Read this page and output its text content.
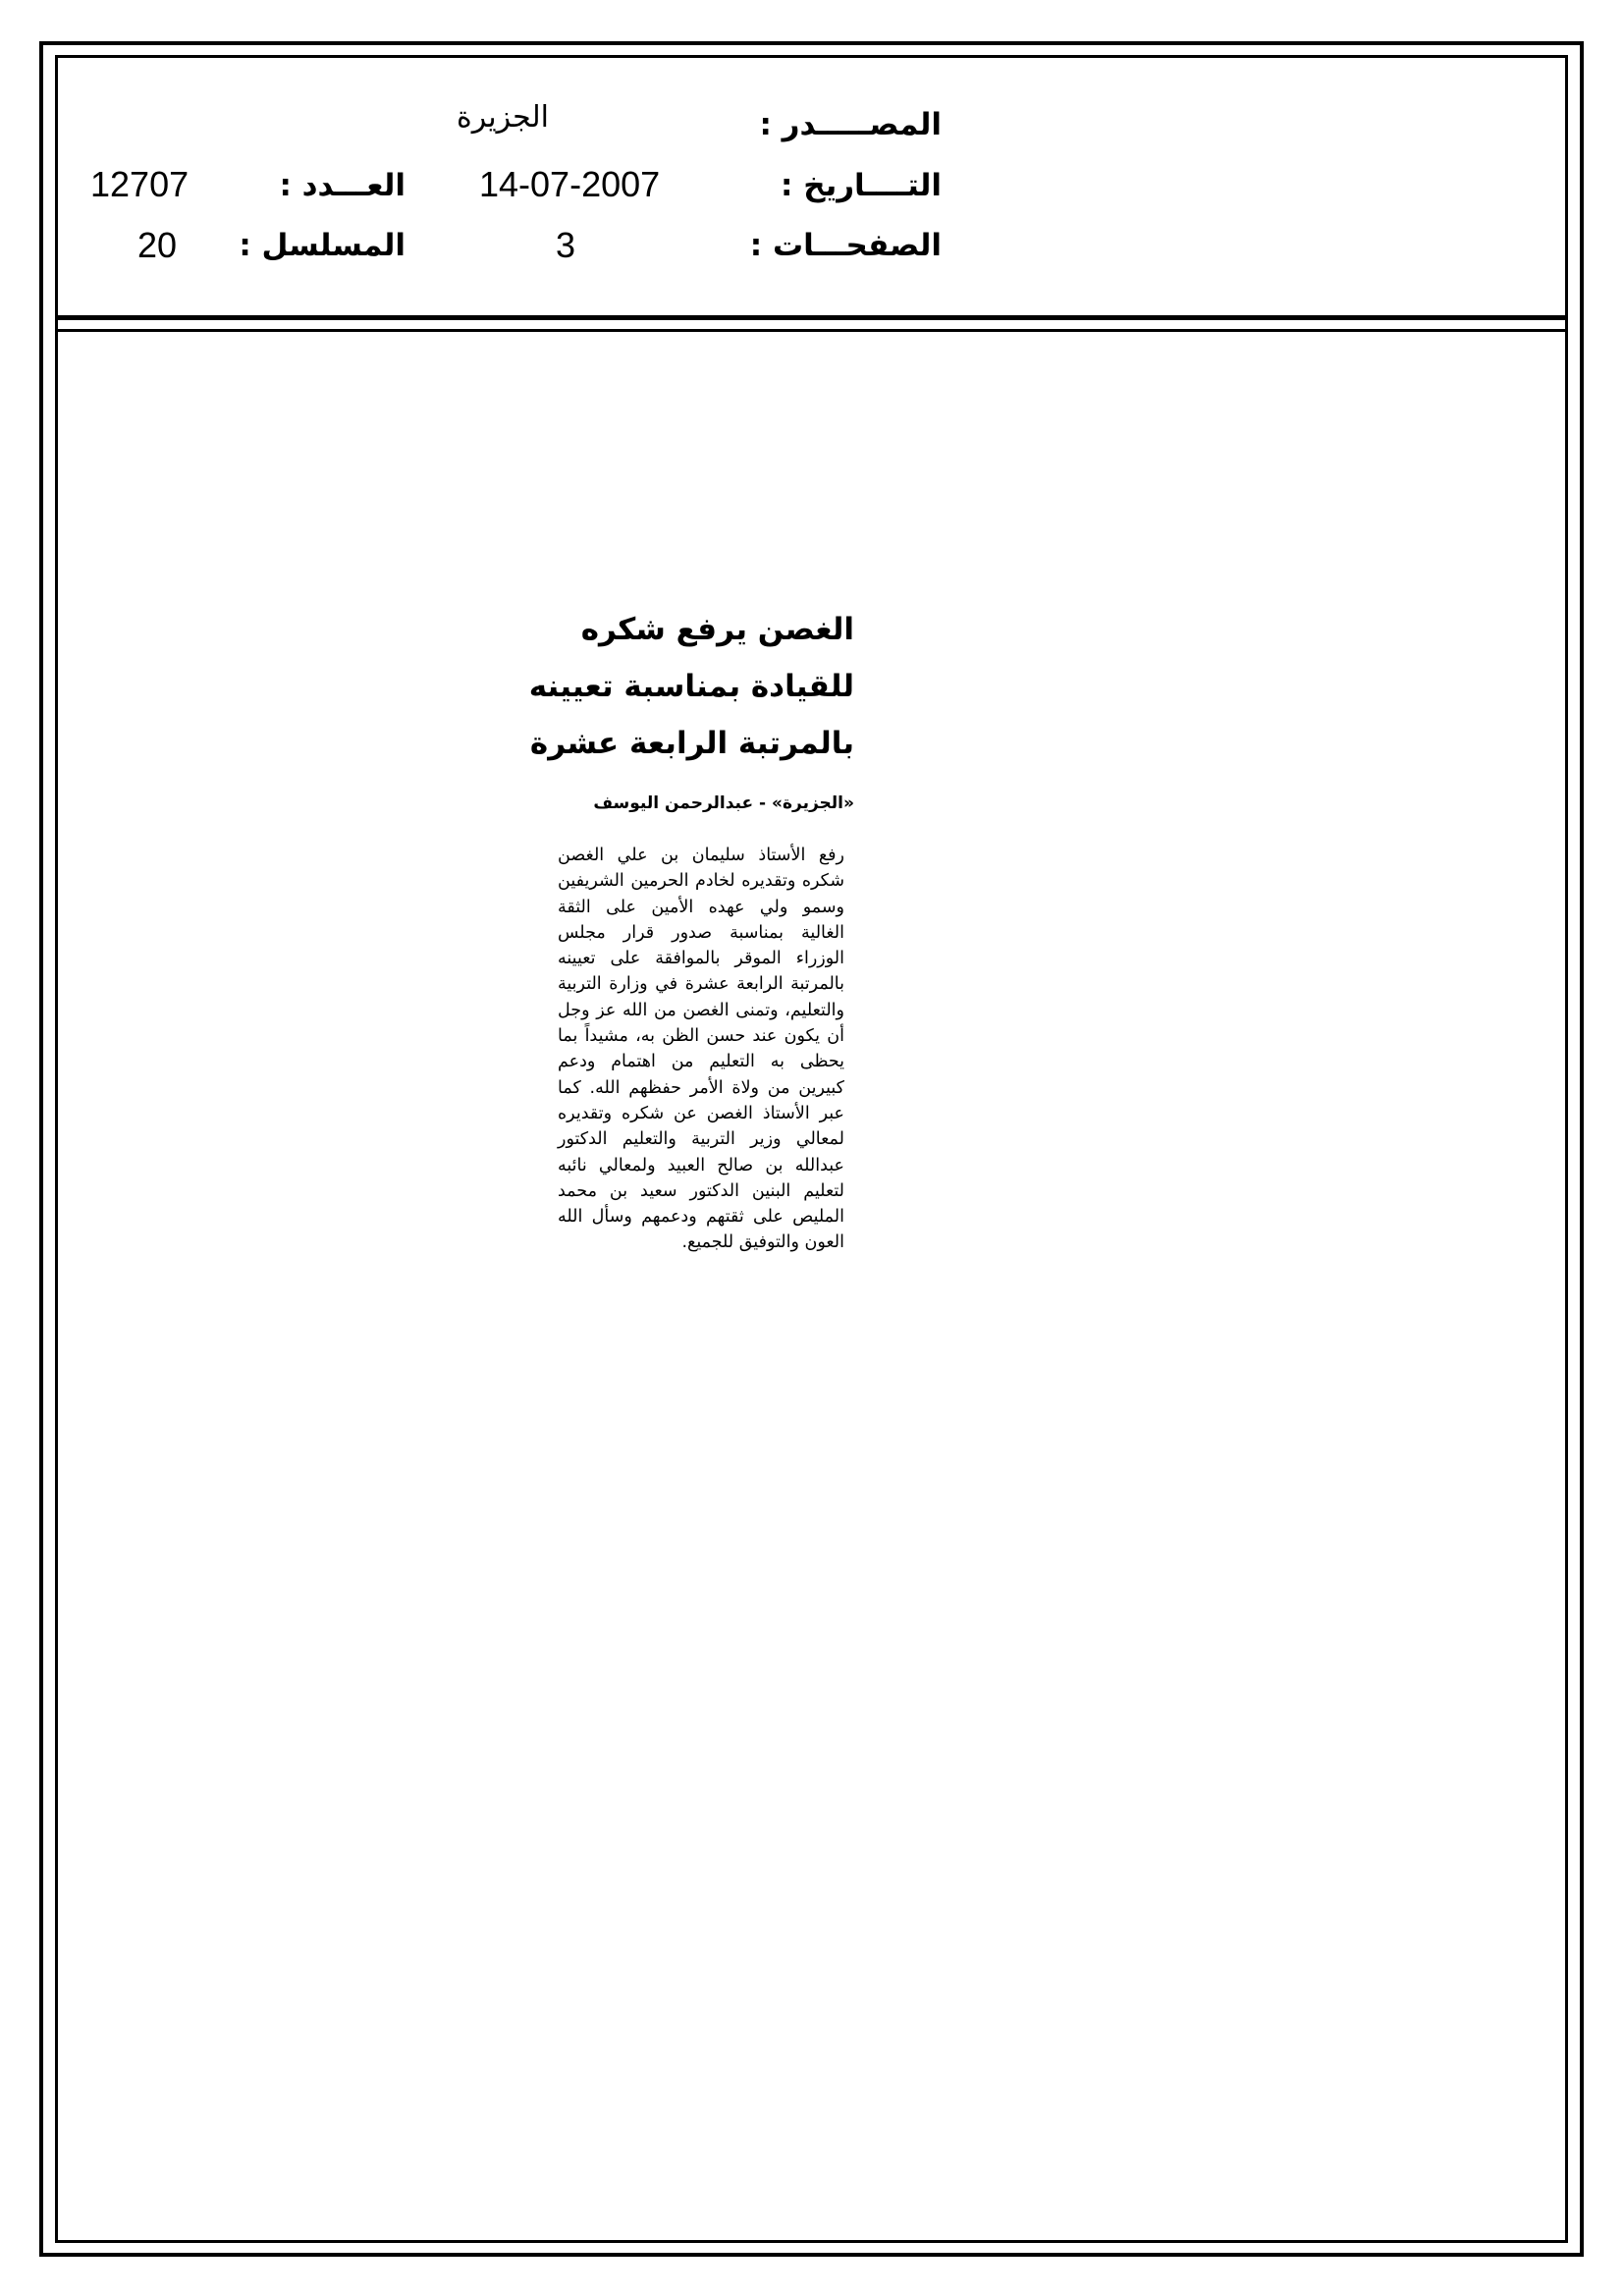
المصـــــدر :
التــــاريخ :
الصفحـــات :
الجزيرة
14-07-2007
3
العـــدد :
المسلسل :
12707
20

الغصن يرفع شكره

للقيادة بمناسبة تعيينه

بالمرتبة الرابعة عشرة

«الجزيرة» - عبدالرحمن اليوسف
رفع الأستاذ سليمان بن علي الغصن شكره وتقديره لخادم الحرمين الشريفين وسمو ولي عهده الأمين على الثقة الغالية بمناسبة صدور قرار مجلس الوزراء الموقر بالموافقة على تعيينه بالمرتبة الرابعة عشرة في وزارة التربية والتعليم، وتمنى الغصن من الله عز وجل أن يكون عند حسن الظن به، مشيداً بما يحظى به التعليم من اهتمام ودعم كبيرين من ولاة الأمر حفظهم الله. كما عبر الأستاذ الغصن عن شكره وتقديره لمعالي وزير التربية والتعليم الدكتور عبدالله بن صالح العبيد ولمعالي نائبه لتعليم البنين الدكتور سعيد بن محمد المليص على ثقتهم ودعمهم وسأل الله العون والتوفيق للجميع.
